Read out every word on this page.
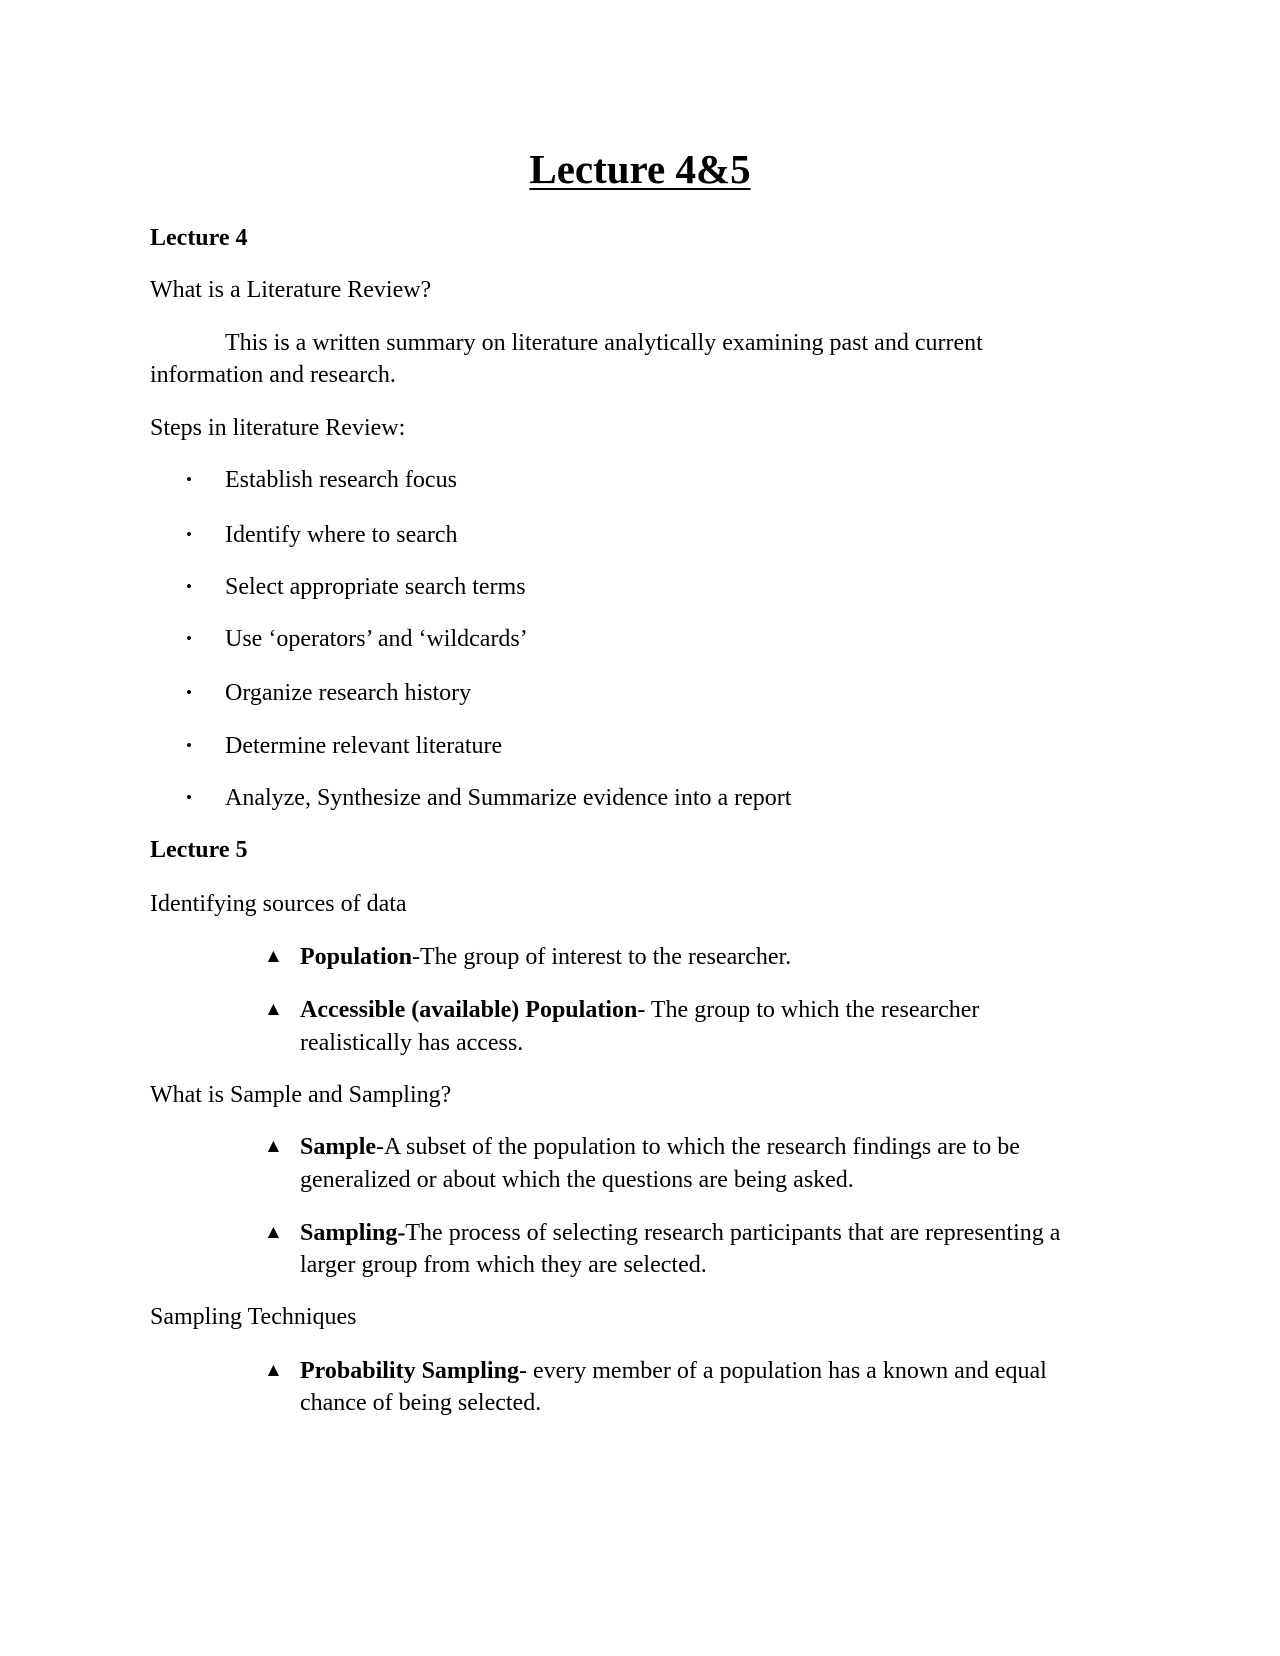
Lecture 4&5
Lecture 4
What is a Literature Review?
This is a written summary on literature analytically examining past and current
information and research.
Steps in literature Review:
• Establish research focus
• Identify where to search
• Select appropriate search terms
• Use ‘operators’ and ‘wildcards’
• Organize research history
• Determine relevant literature
• Analyze, Synthesize and Summarize evidence into a report
Lecture 5
Identifying sources of data
▲ Population-The group of interest to the researcher.
▲ Accessible (available) Population- The group to which the researcher
realistically has access.
What is Sample and Sampling?
▲ Sample-A subset of the population to which the research findings are to be
generalized or about which the questions are being asked.
▲ Sampling-The process of selecting research participants that are representing a
larger group from which they are selected.
Sampling Techniques
▲ Probability Sampling- every member of a population has a known and equal
chance of being selected.
